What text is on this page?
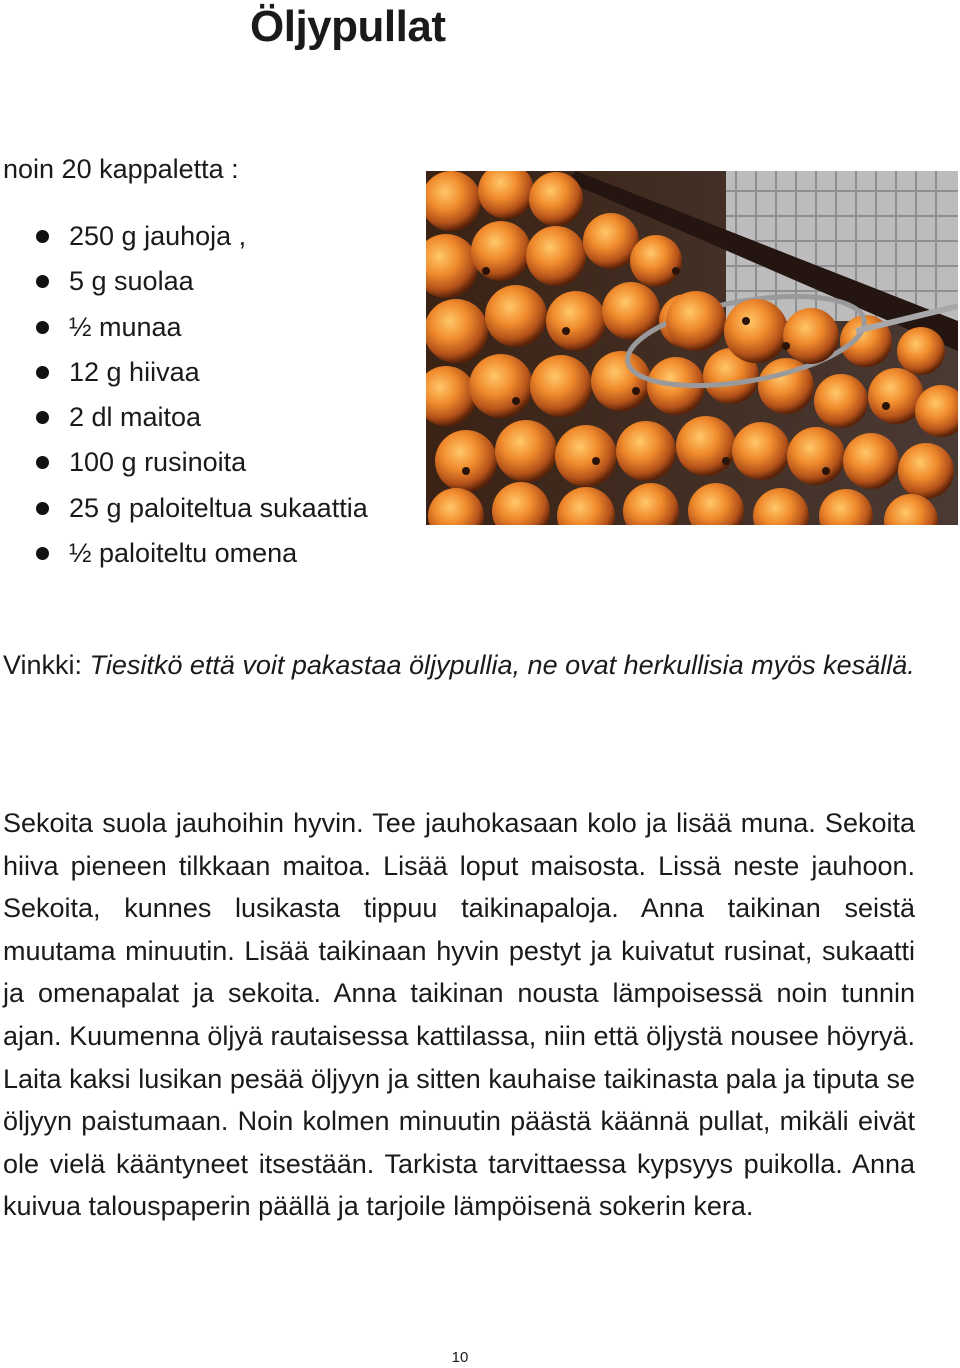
Öljypullat

noin 20 kappaletta :

250 g jauhoja ,
5 g suolaa
½ munaa
12 g hiivaa
2 dl maitoa
100 g rusinoita
25 g paloiteltua sukaattia
½ paloiteltu omena

Vinkki: Tiesitkö että voit pakastaa öljypullia, ne ovat herkullisia myös kesällä.

Sekoita suola jauhoihin hyvin. Tee jauhokasaan kolo ja lisää muna. Sekoita hiiva pieneen tilkkaan maitoa. Lisää loput maisosta. Lissä neste jauhoon. Sekoita, kunnes lusikasta tippuu taikinapaloja. Anna taikinan seistä muutama minuutin. Lisää taikinaan hyvin pestyt ja kuivatut rusinat, sukaatti ja omenapalat ja sekoita. Anna taikinan nousta lämpoisessä noin tunnin ajan. Kuumenna öljyä rautaisessa kattilassa, niin että öljystä nousee höyryä. Laita kaksi lusikan pesää öljyyn ja sitten kauhaise taikinasta pala ja tiputa se öljyyn paistumaan. Noin kolmen minuutin päästä käännä pullat, mikäli eivät ole vielä kääntyneet itsestään. Tarkista tarvittaessa kypsyys puikolla. Anna kuivua talouspaperin päällä ja tarjoile lämpöisenä sokerin kera.

10
